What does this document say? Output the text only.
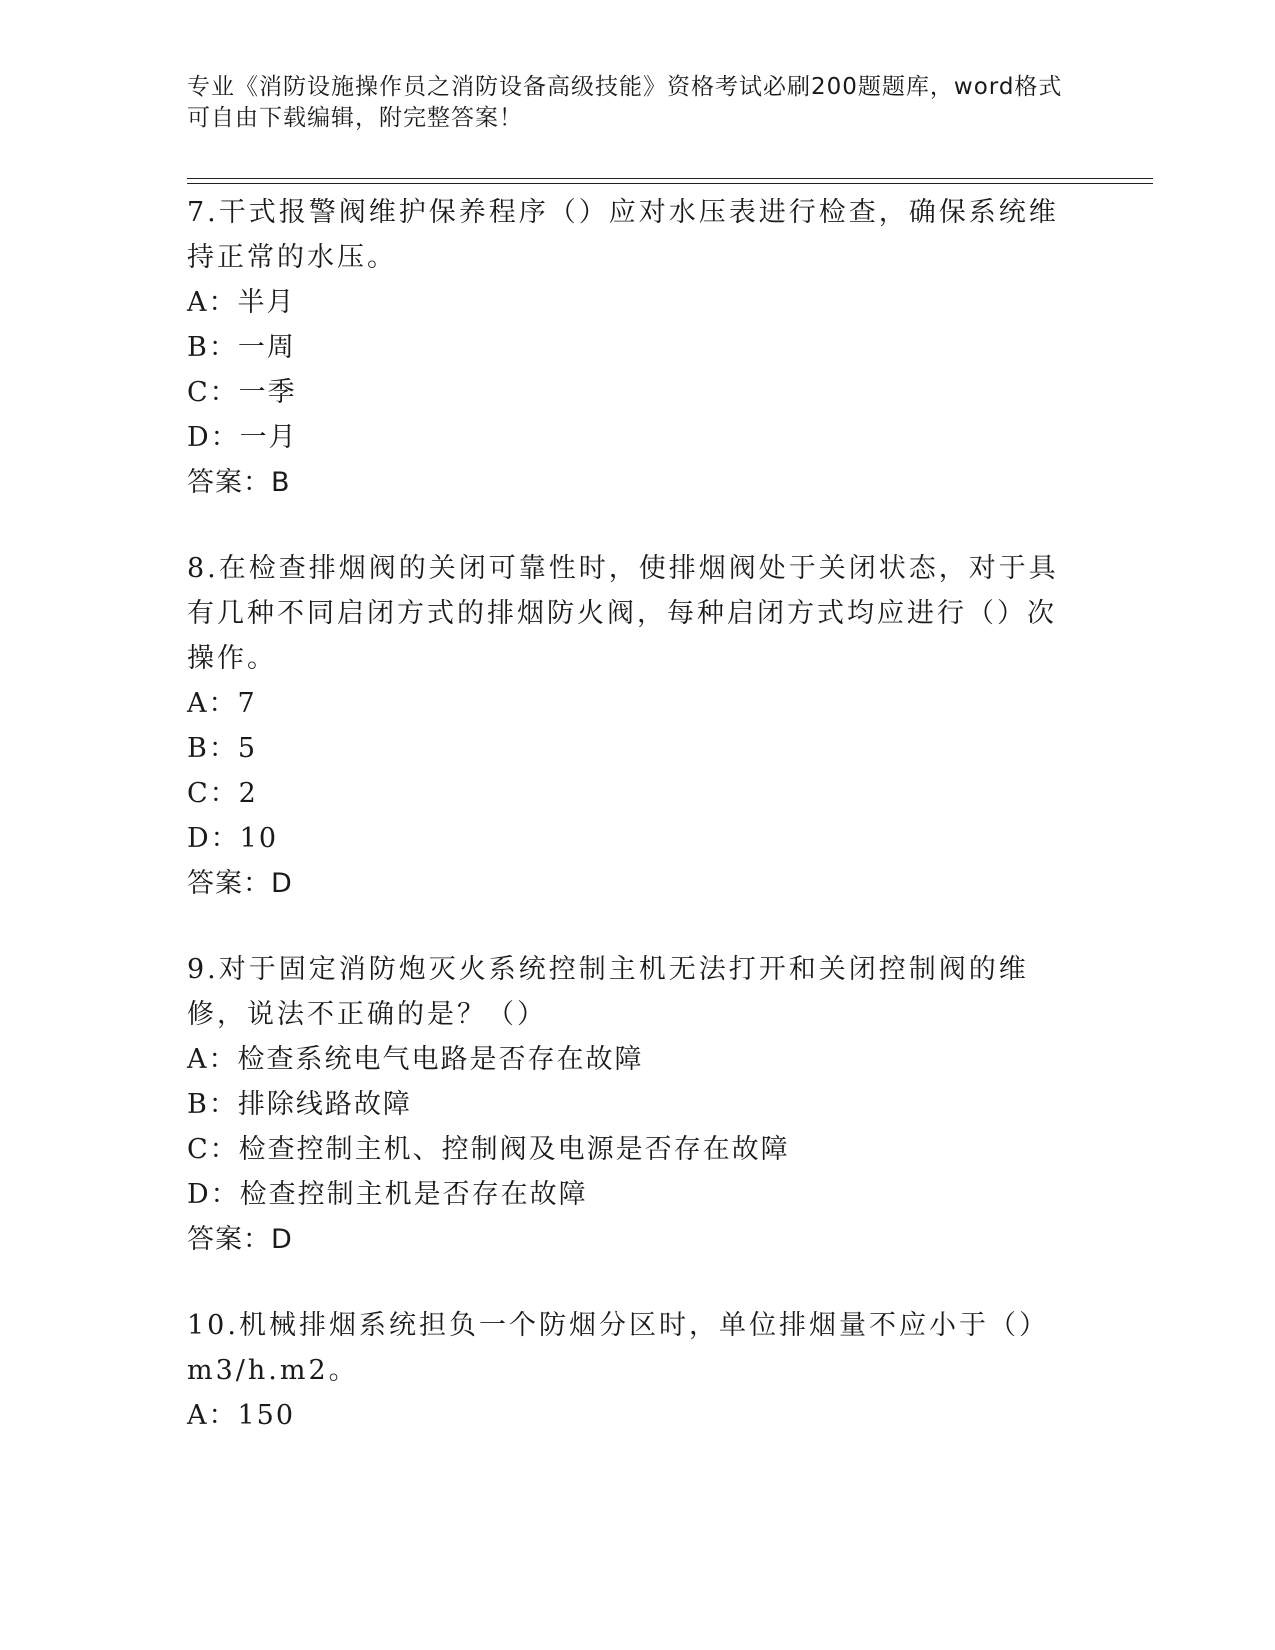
专业《消防设施操作员之消防设备高级技能》资格考试必刷200题题库，word格式可自由下载编辑，附完整答案！

7.干式报警阀维护保养程序（）应对水压表进行检查，确保系统维持正常的水压。

A：半月

B：一周

C：一季

D：一月

答案：B

8.在检查排烟阀的关闭可靠性时，使排烟阀处于关闭状态，对于具有几种不同启闭方式的排烟防火阀，每种启闭方式均应进行（）次操作。

A：7

B：5

C：2

D：10

答案：D

9.对于固定消防炮灭火系统控制主机无法打开和关闭控制阀的维修，说法不正确的是？（）

A：检查系统电气电路是否存在故障

B：排除线路故障

C：检查控制主机、控制阀及电源是否存在故障

D：检查控制主机是否存在故障

答案：D

10.机械排烟系统担负一个防烟分区时，单位排烟量不应小于（）m3/h.m2。

A：150
